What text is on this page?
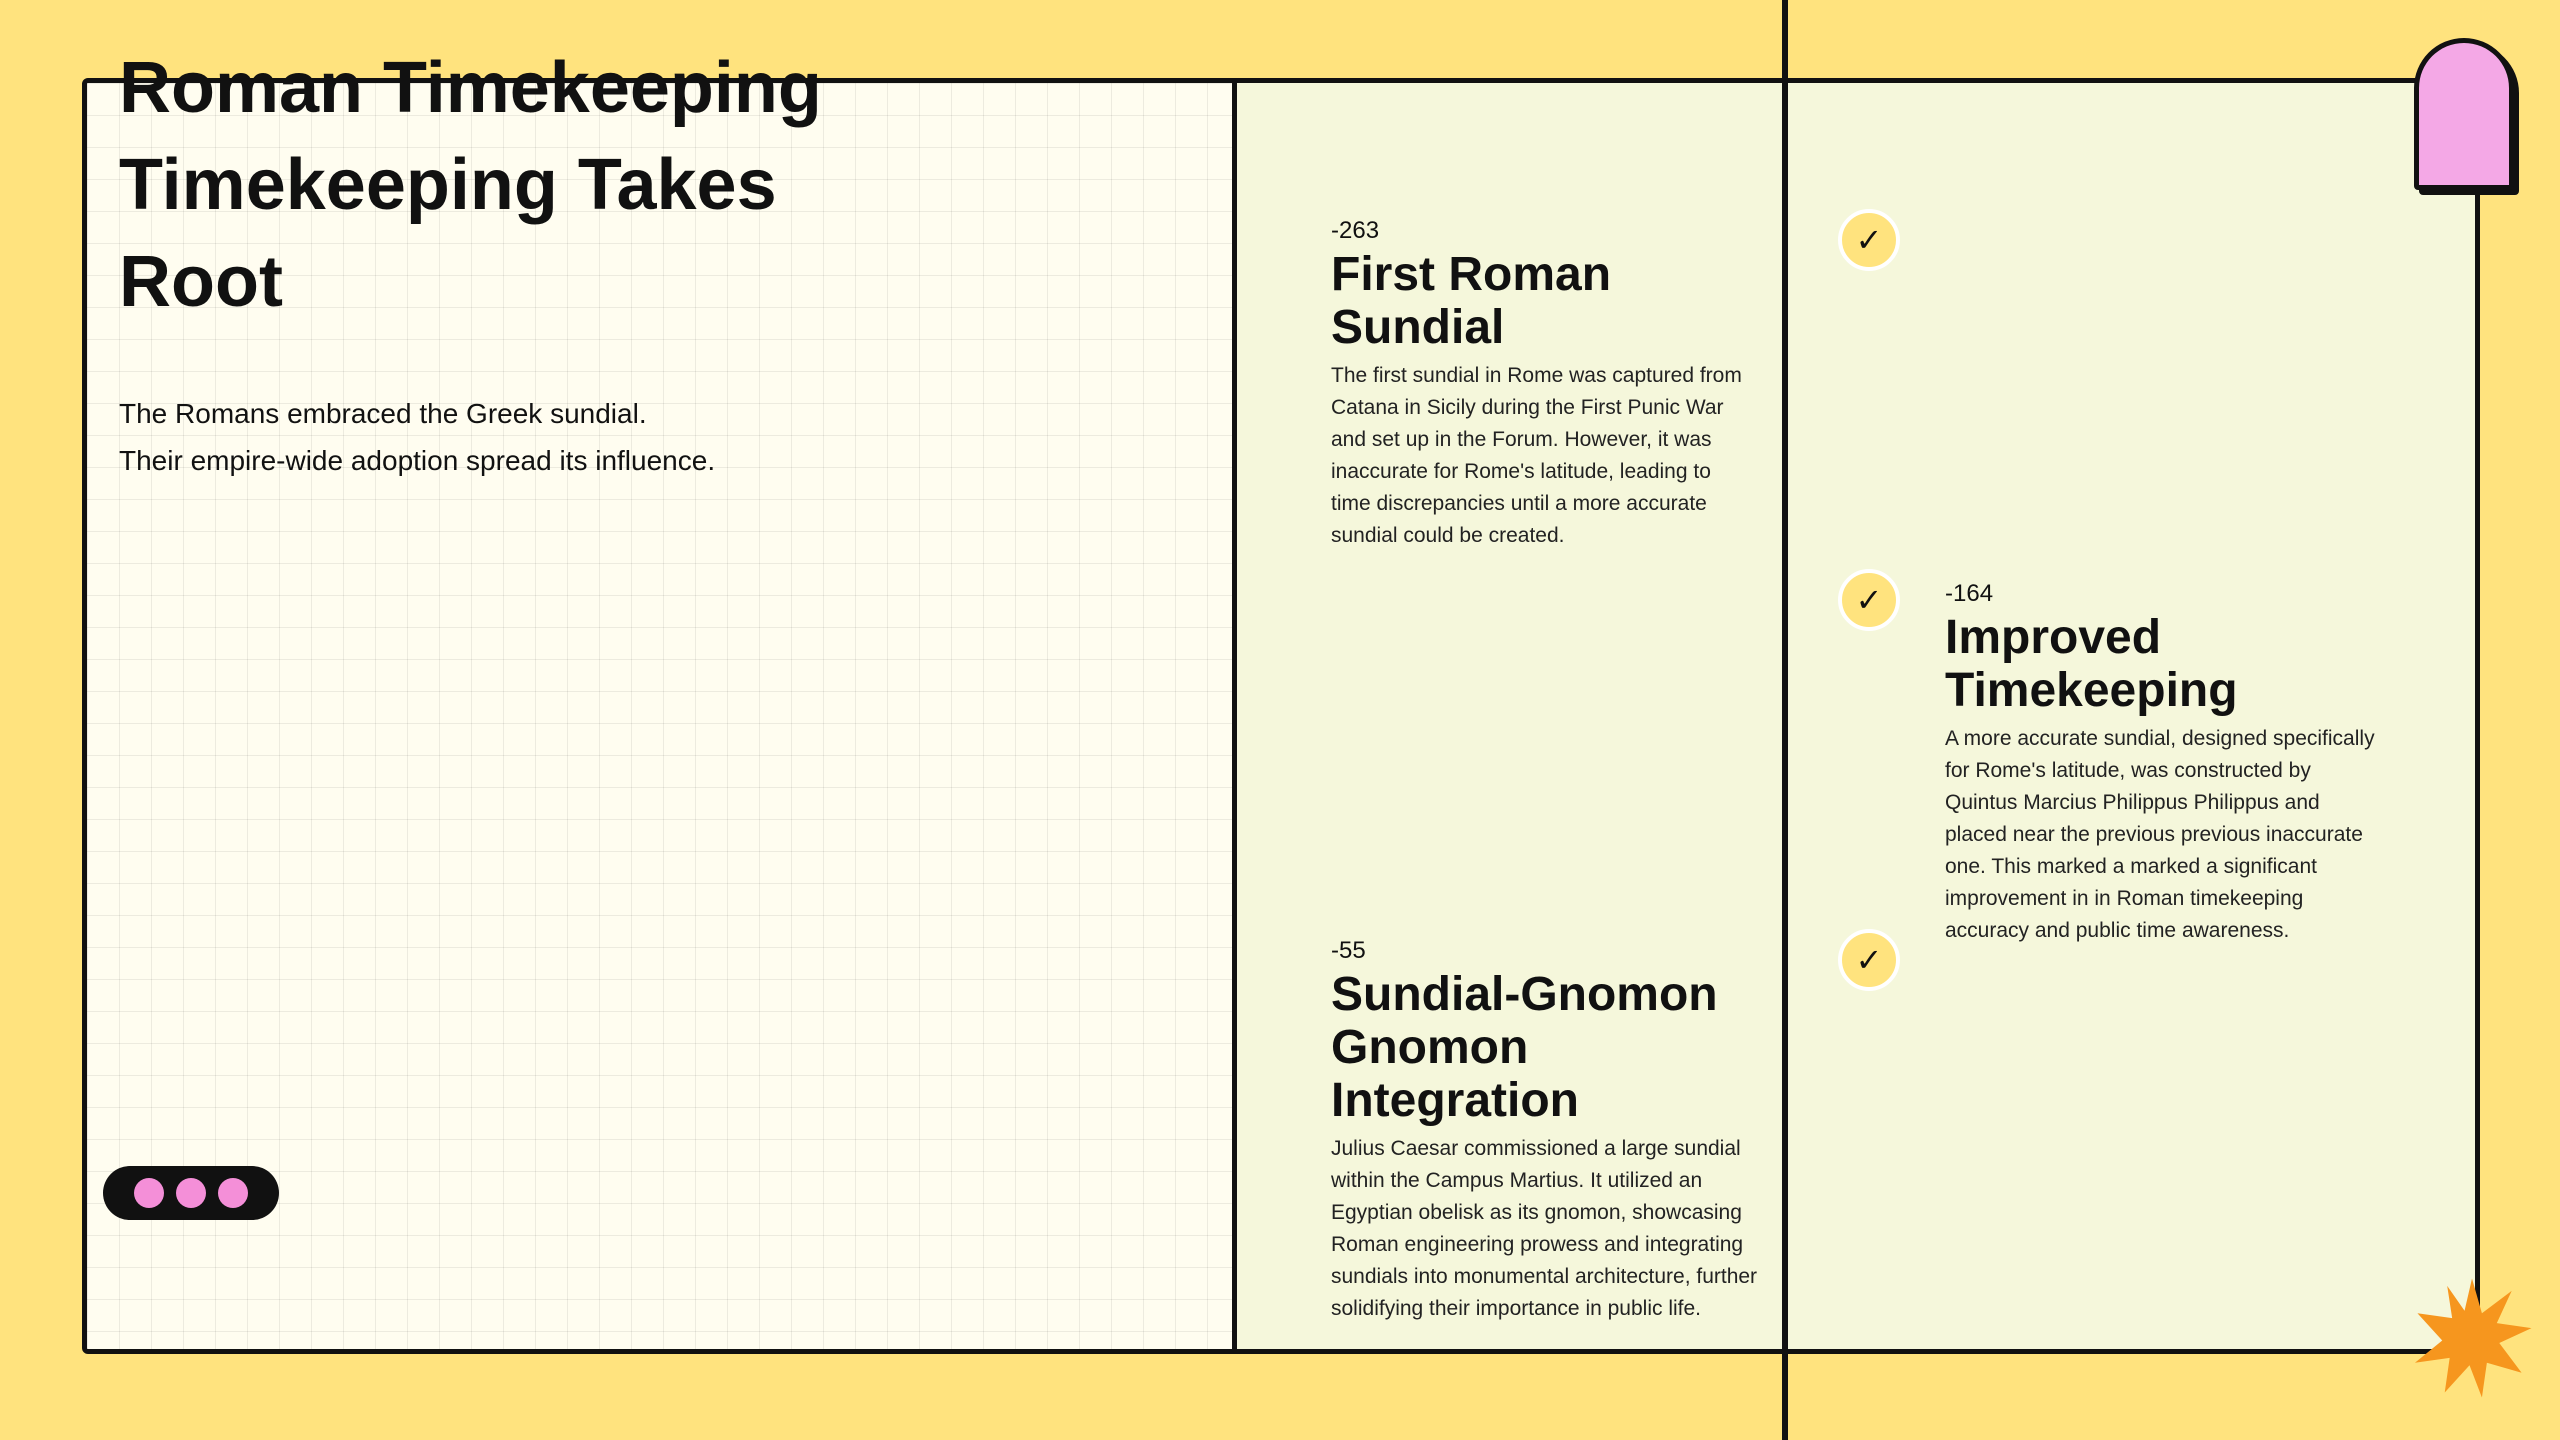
Roman Timekeeping Timekeeping Takes Root
The Romans embraced the Greek sundial.
Their empire-wide adoption spread its influence.
✓
✓
✓
-263
First Roman Sundial
The first sundial in Rome was captured from Catana in Sicily during the First Punic War and set up in the Forum. However, it was inaccurate for Rome's latitude, leading to time discrepancies until a more accurate sundial could be created.
-164
Improved Timekeeping
A more accurate sundial, designed specifically for Rome's latitude, was constructed by Quintus Marcius Philippus Philippus and placed near the previous previous inaccurate one. This marked a marked a significant improvement in in Roman timekeeping accuracy and public time awareness.
-55
Sundial-Gnomon Gnomon Integration
Julius Caesar commissioned a large sundial within the Campus Martius. It utilized an Egyptian obelisk as its gnomon, showcasing Roman engineering prowess and integrating sundials into monumental architecture, further solidifying their importance in public life.
